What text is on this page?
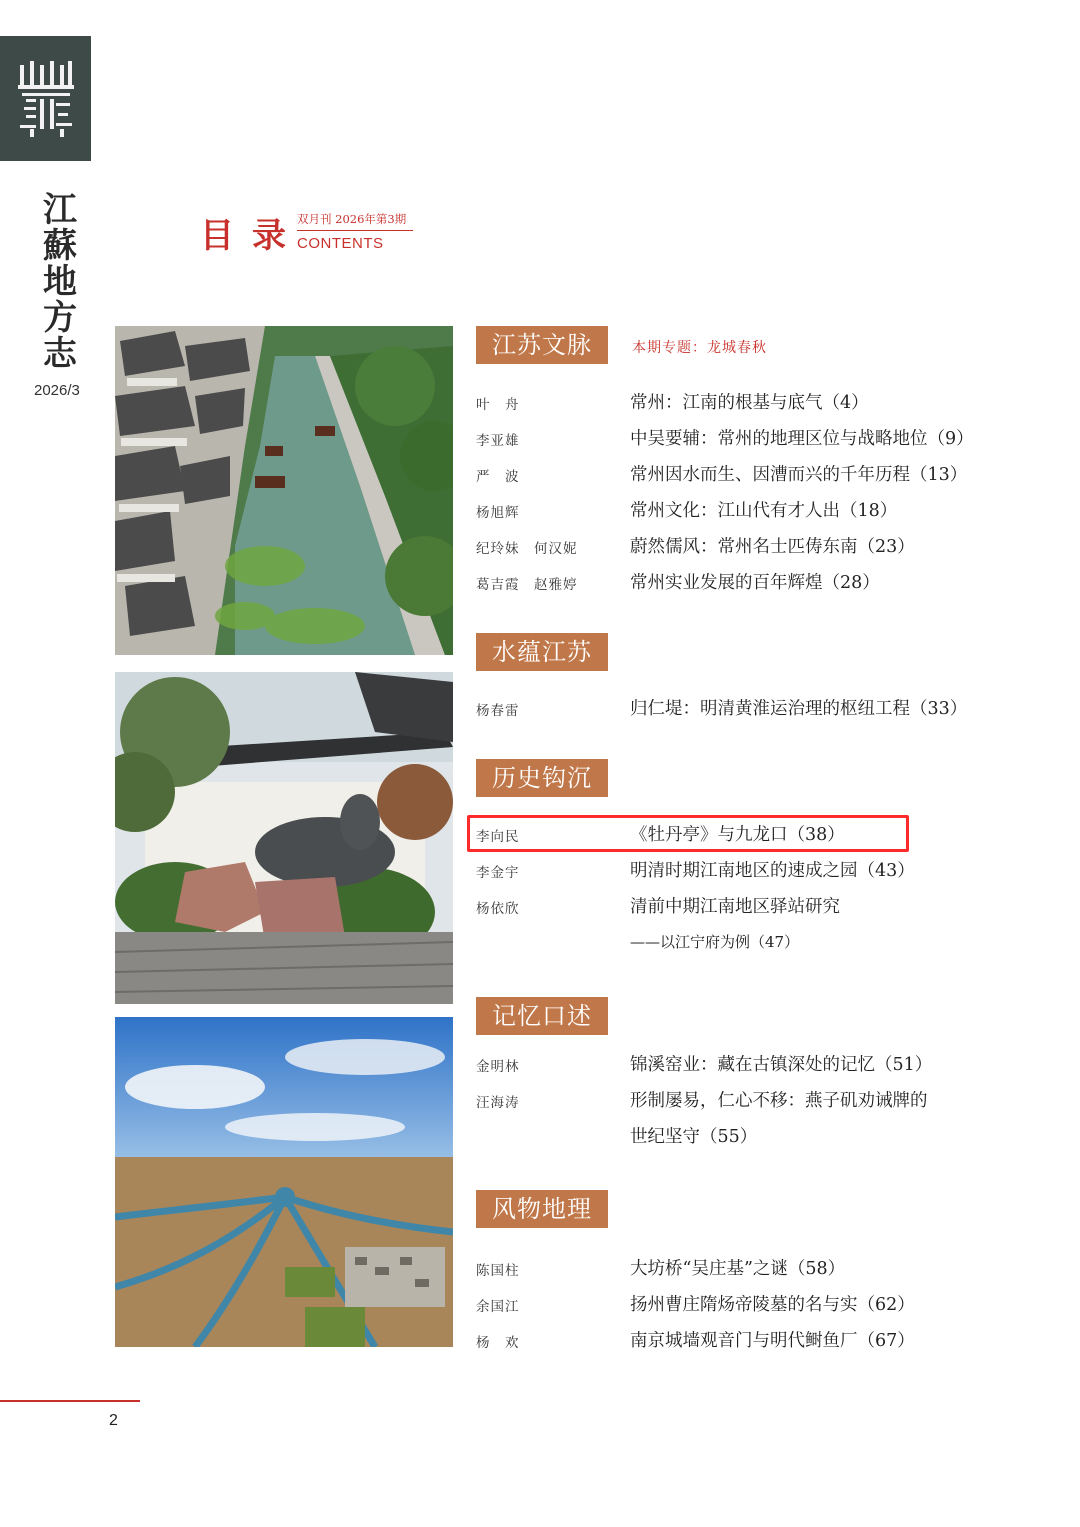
江
蘇
地
方
志
2026/3
目录
双月刊 2026年第3期
CONTENTS
江苏文脉	本期专题：龙城春秋
叶　舟	常州：江南的根基与底气（4）
李亚雄	中吴要辅：常州的地理区位与战略地位（9）
严　波	常州因水而生、因漕而兴的千年历程（13）
杨旭辉	常州文化：江山代有才人出（18）
纪玲妹　何汉妮	蔚然儒风：常州名士匹俦东南（23）
葛吉霞　赵雅婷	常州实业发展的百年辉煌（28）
水蕴江苏
杨春雷	归仁堤：明清黄淮运治理的枢纽工程（33）
历史钩沉
李向民	《牡丹亭》与九龙口（38）
李金宇	明清时期江南地区的速成之园（43）
杨依欣	清前中期江南地区驿站研究
——以江宁府为例（47）
记忆口述
金明林	锦溪窑业：藏在古镇深处的记忆（51）
汪海涛	形制屡易，仁心不移：燕子矶劝诫牌的
世纪坚守（55）
风物地理
陈国柱	大坊桥“吴庄基”之谜（58）
余国江	扬州曹庄隋炀帝陵墓的名与实（62）
杨　欢	南京城墙观音门与明代鲥鱼厂（67）
2
